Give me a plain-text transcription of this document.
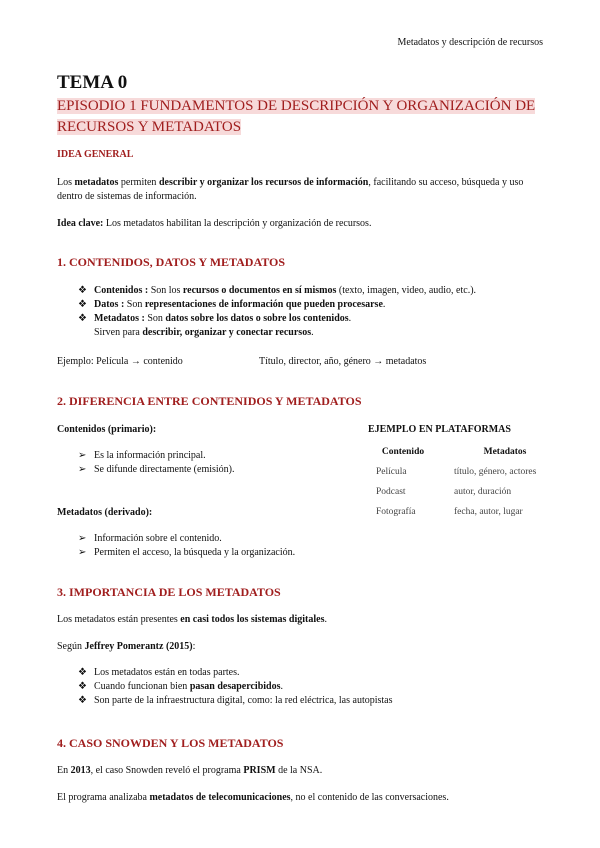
Metadatos y descripción de recursos
TEMA 0
EPISODIO 1 FUNDAMENTOS DE DESCRIPCIÓN Y ORGANIZACIÓN DE RECURSOS Y METADATOS
IDEA GENERAL

Los metadatos permiten describir y organizar los recursos de información, facilitando su acceso, búsqueda y uso dentro de sistemas de información.

Idea clave: Los metadatos habilitan la descripción y organización de recursos.

1. CONTENIDOS, DATOS Y METADATOS
❖ Contenidos : Son los recursos o documentos en sí mismos (texto, imagen, video, audio, etc.).
❖ Datos : Son representaciones de información que pueden procesarse.
❖ Metadatos : Son datos sobre los datos o sobre los contenidos.
Sirven para describir, organizar y conectar recursos.
Ejemplo: Película → contenido	Título, director, año, género → metadatos
2. DIFERENCIA ENTRE CONTENIDOS Y METADATOS
Contenidos (primario):
➢ Es la información principal.
➢ Se difunde directamente (emisión).
Metadatos (derivado):
➢ Información sobre el contenido.
➢ Permiten el acceso, la búsqueda y la organización.
EJEMPLO EN PLATAFORMAS
Contenido	Metadatos
Película	título, género, actores
Podcast	autor, duración
Fotografía	fecha, autor, lugar
3. IMPORTANCIA DE LOS METADATOS

Los metadatos están presentes en casi todos los sistemas digitales.

Según Jeffrey Pomerantz (2015):

❖ Los metadatos están en todas partes.
❖ Cuando funcionan bien pasan desapercibidos.
❖ Son parte de la infraestructura digital, como: la red eléctrica, las autopistas
4. CASO SNOWDEN Y LOS METADATOS

En 2013, el caso Snowden reveló el programa PRISM de la NSA.

El programa analizaba metadatos de telecomunicaciones, no el contenido de las conversaciones.
